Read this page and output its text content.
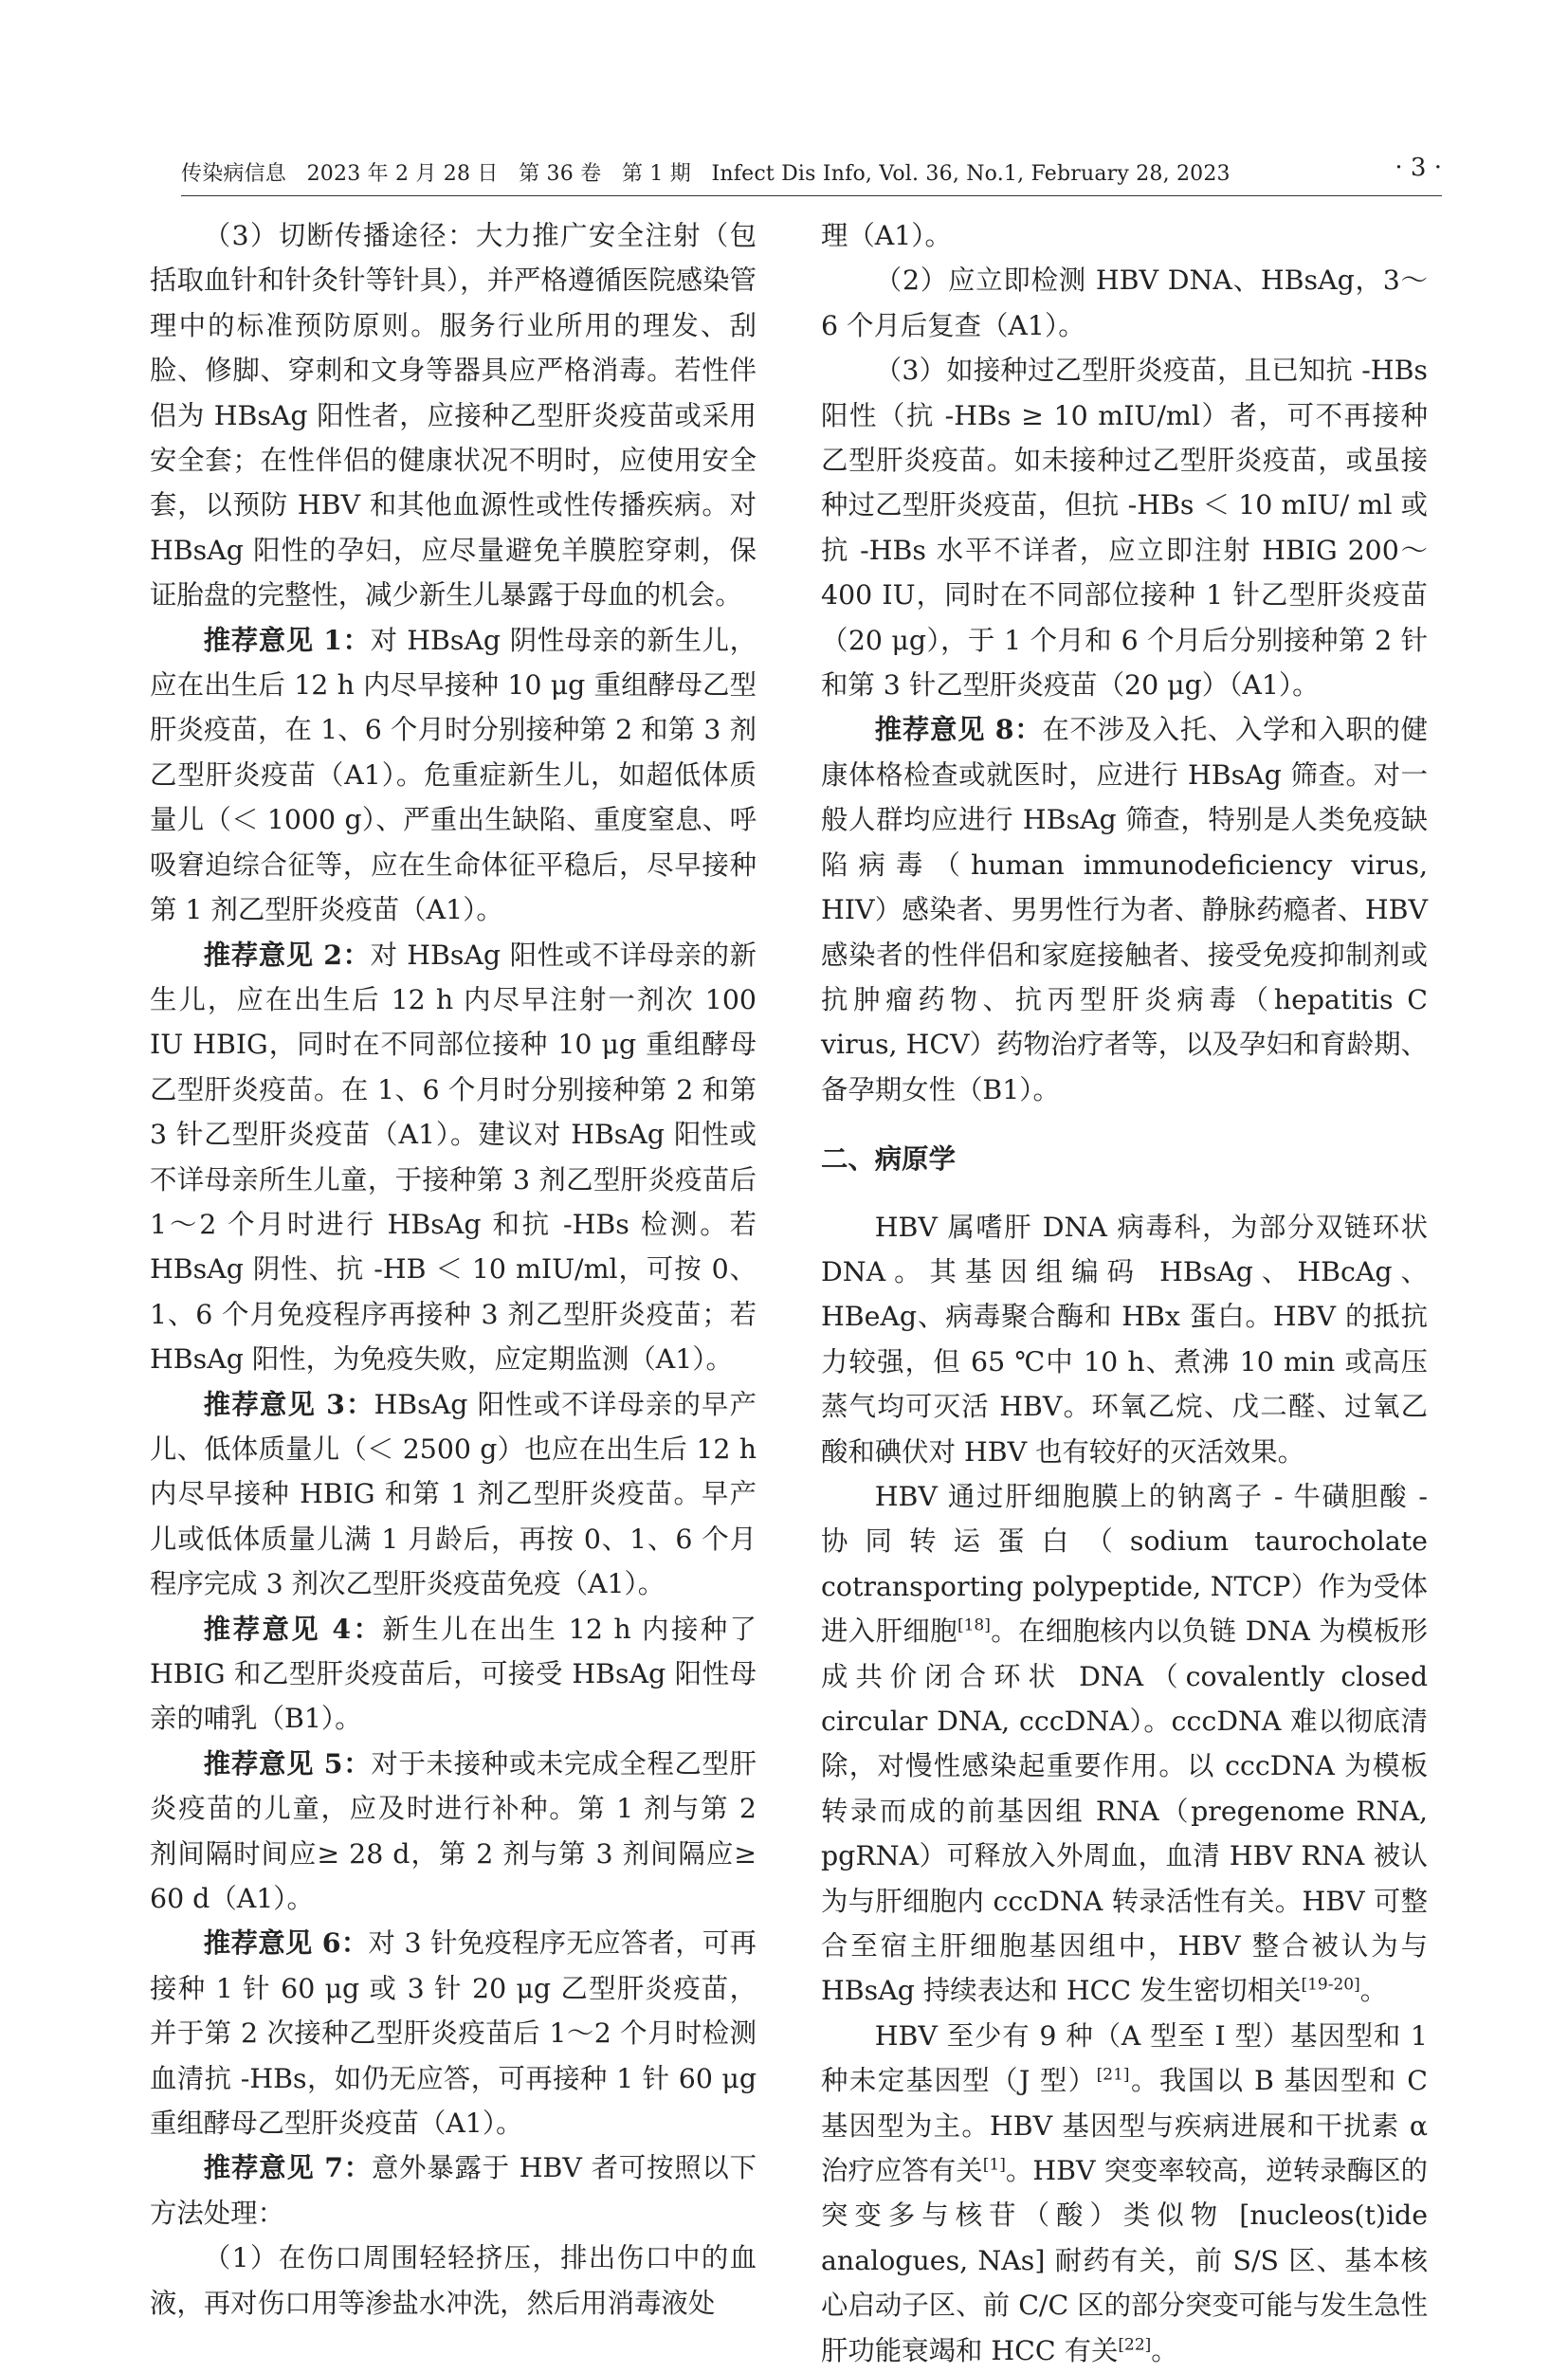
传染病信息 2023 年 2 月 28 日 第 36 卷 第 1 期 Infect Dis Info, Vol. 36, No.1, February 28, 2023	· 3 ·

（3）切断传播途径：大力推广安全注射（包括取血针和针灸针等针具），并严格遵循医院感染管理中的标准预防原则。服务行业所用的理发、刮脸、修脚、穿刺和文身等器具应严格消毒。若性伴侣为 HBsAg 阳性者，应接种乙型肝炎疫苗或采用安全套；在性伴侣的健康状况不明时，应使用安全套，以预防 HBV 和其他血源性或性传播疾病。对 HBsAg 阳性的孕妇，应尽量避免羊膜腔穿刺，保证胎盘的完整性，减少新生儿暴露于母血的机会。

推荐意见 1：对 HBsAg 阴性母亲的新生儿，应在出生后 12 h 内尽早接种 10 μg 重组酵母乙型肝炎疫苗，在 1、6 个月时分别接种第 2 和第 3 剂乙型肝炎疫苗（A1）。危重症新生儿，如超低体质量儿（＜ 1000 g）、严重出生缺陷、重度窒息、呼吸窘迫综合征等，应在生命体征平稳后，尽早接种第 1 剂乙型肝炎疫苗（A1）。

推荐意见 2：对 HBsAg 阳性或不详母亲的新生儿，应在出生后 12 h 内尽早注射一剂次 100 IU HBIG，同时在不同部位接种 10 μg 重组酵母乙型肝炎疫苗。在 1、6 个月时分别接种第 2 和第 3 针乙型肝炎疫苗（A1）。建议对 HBsAg 阳性或不详母亲所生儿童，于接种第 3 剂乙型肝炎疫苗后 1～2 个月时进行 HBsAg 和抗 -HBs 检测。若 HBsAg 阴性、抗 -HB ＜ 10 mIU/ml，可按 0、1、6 个月免疫程序再接种 3 剂乙型肝炎疫苗；若 HBsAg 阳性，为免疫失败，应定期监测（A1）。

推荐意见 3：HBsAg 阳性或不详母亲的早产儿、低体质量儿（＜ 2500 g）也应在出生后 12 h 内尽早接种 HBIG 和第 1 剂乙型肝炎疫苗。早产儿或低体质量儿满 1 月龄后，再按 0、1、6 个月程序完成 3 剂次乙型肝炎疫苗免疫（A1）。

推荐意见 4：新生儿在出生 12 h 内接种了 HBIG 和乙型肝炎疫苗后，可接受 HBsAg 阳性母亲的哺乳（B1）。

推荐意见 5：对于未接种或未完成全程乙型肝炎疫苗的儿童，应及时进行补种。第 1 剂与第 2 剂间隔时间应≥ 28 d，第 2 剂与第 3 剂间隔应≥ 60 d（A1）。

推荐意见 6：对 3 针免疫程序无应答者，可再接种 1 针 60 μg 或 3 针 20 μg 乙型肝炎疫苗，并于第 2 次接种乙型肝炎疫苗后 1～2 个月时检测血清抗 -HBs，如仍无应答，可再接种 1 针 60 μg 重组酵母乙型肝炎疫苗（A1）。

推荐意见 7：意外暴露于 HBV 者可按照以下方法处理：

（1）在伤口周围轻轻挤压，排出伤口中的血液，再对伤口用等渗盐水冲洗，然后用消毒液处

理（A1）。

（2）应立即检测 HBV DNA、HBsAg，3～6 个月后复查（A1）。

（3）如接种过乙型肝炎疫苗，且已知抗 -HBs 阳性（抗 -HBs ≥ 10 mIU/ml）者，可不再接种乙型肝炎疫苗。如未接种过乙型肝炎疫苗，或虽接种过乙型肝炎疫苗，但抗 -HBs ＜ 10 mIU/ ml 或抗 -HBs 水平不详者，应立即注射 HBIG 200～400 IU，同时在不同部位接种 1 针乙型肝炎疫苗（20 μg），于 1 个月和 6 个月后分别接种第 2 针和第 3 针乙型肝炎疫苗（20 μg）（A1）。

推荐意见 8：在不涉及入托、入学和入职的健康体格检查或就医时，应进行 HBsAg 筛查。对一般人群均应进行 HBsAg 筛查，特别是人类免疫缺陷病毒（human immunodeficiency virus, HIV）感染者、男男性行为者、静脉药瘾者、HBV 感染者的性伴侣和家庭接触者、接受免疫抑制剂或抗肿瘤药物、抗丙型肝炎病毒（hepatitis C virus, HCV）药物治疗者等，以及孕妇和育龄期、备孕期女性（B1）。

二、病原学

HBV 属嗜肝 DNA 病毒科，为部分双链环状 DNA。其基因组编码 HBsAg、HBcAg、HBeAg、病毒聚合酶和 HBx 蛋白。HBV 的抵抗力较强，但 65 ℃中 10 h、煮沸 10 min 或高压蒸气均可灭活 HBV。环氧乙烷、戊二醛、过氧乙酸和碘伏对 HBV 也有较好的灭活效果。

HBV 通过肝细胞膜上的钠离子 - 牛磺胆酸 - 协同转运蛋白（sodium taurocholate cotransporting polypeptide, NTCP）作为受体进入肝细胞[18]。在细胞核内以负链 DNA 为模板形成共价闭合环状 DNA（covalently closed circular DNA, cccDNA）。cccDNA 难以彻底清除，对慢性感染起重要作用。以 cccDNA 为模板转录而成的前基因组 RNA（pregenome RNA, pgRNA）可释放入外周血，血清 HBV RNA 被认为与肝细胞内 cccDNA 转录活性有关。HBV 可整合至宿主肝细胞基因组中，HBV 整合被认为与 HBsAg 持续表达和 HCC 发生密切相关[19-20]。

HBV 至少有 9 种（A 型至 I 型）基因型和 1 种未定基因型（J 型）[21]。我国以 B 基因型和 C 基因型为主。HBV 基因型与疾病进展和干扰素 α 治疗应答有关[1]。HBV 突变率较高，逆转录酶区的突变多与核苷（酸）类似物 [nucleos(t)ide analogues, NAs] 耐药有关，前 S/S 区、基本核心启动子区、前 C/C 区的部分突变可能与发生急性肝功能衰竭和 HCC 有关[22]。
